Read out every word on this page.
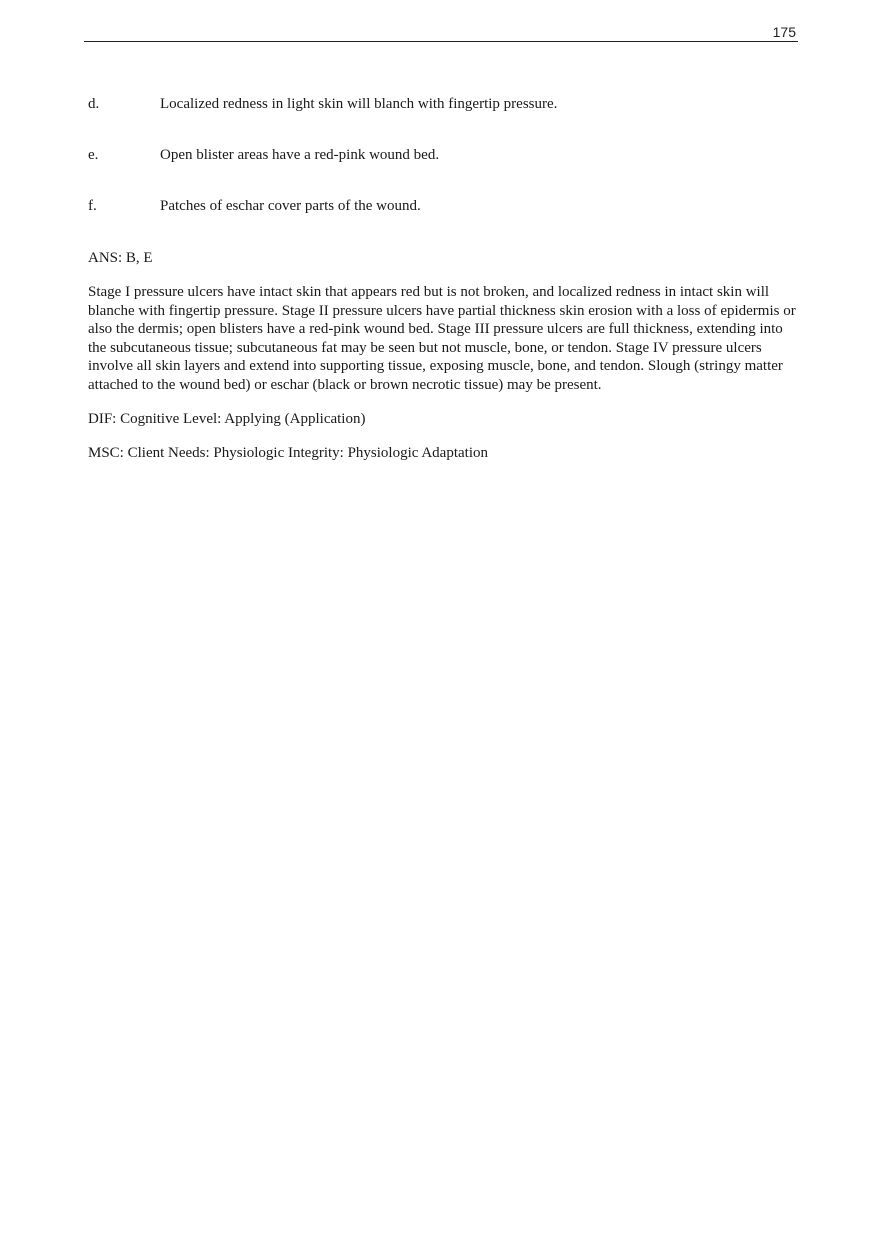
175
d.	Localized redness in light skin will blanch with fingertip pressure.
e.	Open blister areas have a red-pink wound bed.
f.	Patches of eschar cover parts of the wound.
ANS: B, E
Stage I pressure ulcers have intact skin that appears red but is not broken, and localized redness in intact skin will blanche with fingertip pressure. Stage II pressure ulcers have partial thickness skin erosion with a loss of epidermis or also the dermis; open blisters have a red-pink wound bed. Stage III pressure ulcers are full thickness, extending into the subcutaneous tissue; subcutaneous fat may be seen but not muscle, bone, or tendon. Stage IV pressure ulcers involve all skin layers and extend into supporting tissue, exposing muscle, bone, and tendon. Slough (stringy matter attached to the wound bed) or eschar (black or brown necrotic tissue) may be present.
DIF: Cognitive Level: Applying (Application)
MSC: Client Needs: Physiologic Integrity: Physiologic Adaptation
